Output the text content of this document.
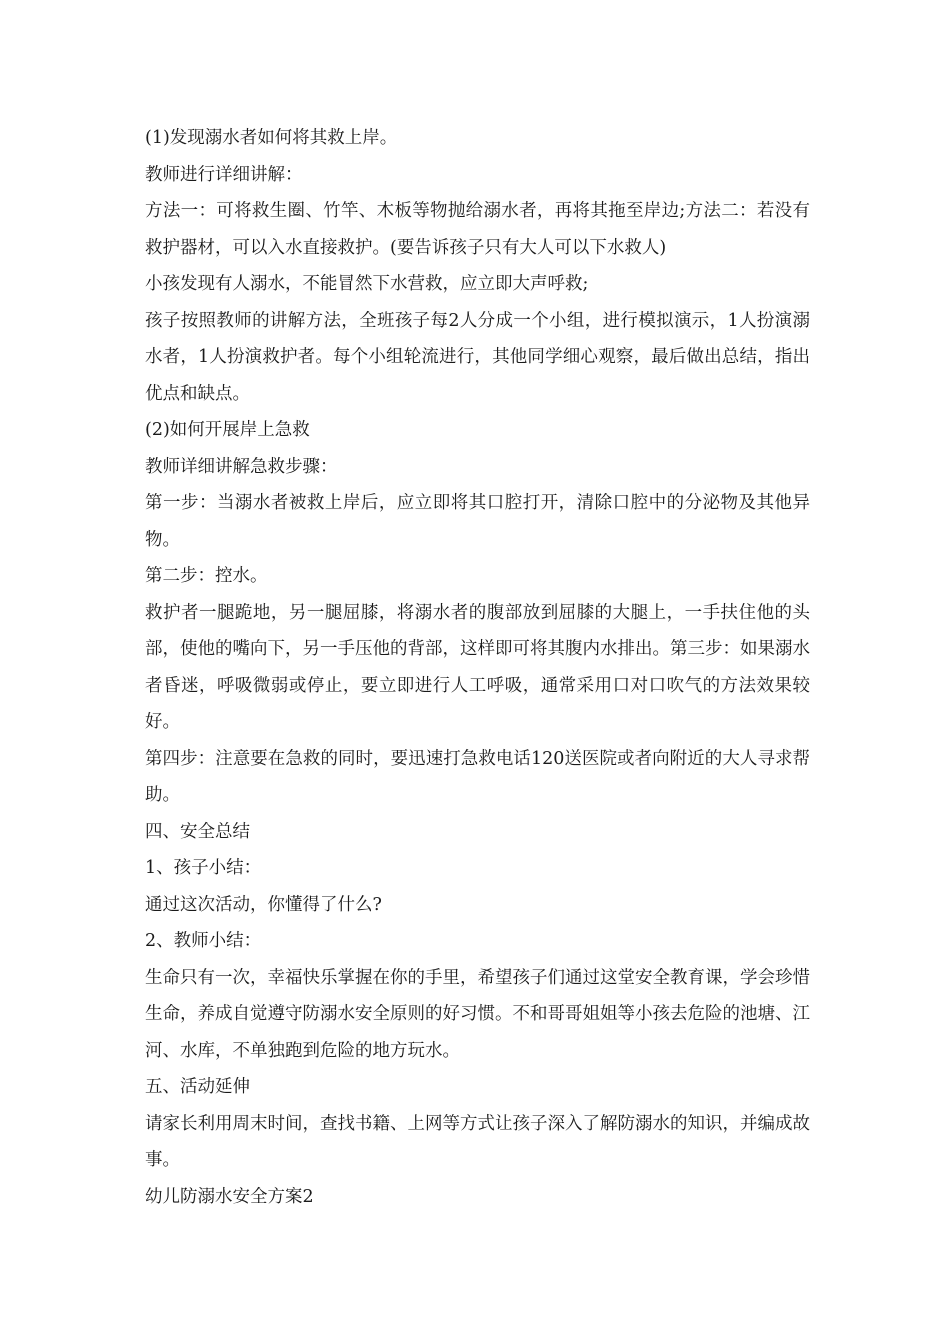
(1)发现溺水者如何将其救上岸。

教师进行详细讲解：

方法一：可将救生圈、竹竿、木板等物抛给溺水者，再将其拖至岸边;方法二：若没有救护器材，可以入水直接救护。(要告诉孩子只有大人可以下水救人)

小孩发现有人溺水，不能冒然下水营救，应立即大声呼救;

孩子按照教师的讲解方法，全班孩子每2人分成一个小组，进行模拟演示，1人扮演溺水者，1人扮演救护者。每个小组轮流进行，其他同学细心观察，最后做出总结，指出优点和缺点。

(2)如何开展岸上急救

教师详细讲解急救步骤：

第一步：当溺水者被救上岸后，应立即将其口腔打开，清除口腔中的分泌物及其他异物。

第二步：控水。

救护者一腿跪地，另一腿屈膝，将溺水者的腹部放到屈膝的大腿上，一手扶住他的头部，使他的嘴向下，另一手压他的背部，这样即可将其腹内水排出。第三步：如果溺水者昏迷，呼吸微弱或停止，要立即进行人工呼吸，通常采用口对口吹气的方法效果较好。

第四步：注意要在急救的同时，要迅速打急救电话120送医院或者向附近的大人寻求帮助。

四、安全总结

1、孩子小结：

通过这次活动，你懂得了什么?

2、教师小结：

生命只有一次，幸福快乐掌握在你的手里，希望孩子们通过这堂安全教育课，学会珍惜生命，养成自觉遵守防溺水安全原则的好习惯。不和哥哥姐姐等小孩去危险的池塘、江河、水库，不单独跑到危险的地方玩水。

五、活动延伸

请家长利用周末时间，查找书籍、上网等方式让孩子深入了解防溺水的知识，并编成故事。

幼儿防溺水安全方案2
